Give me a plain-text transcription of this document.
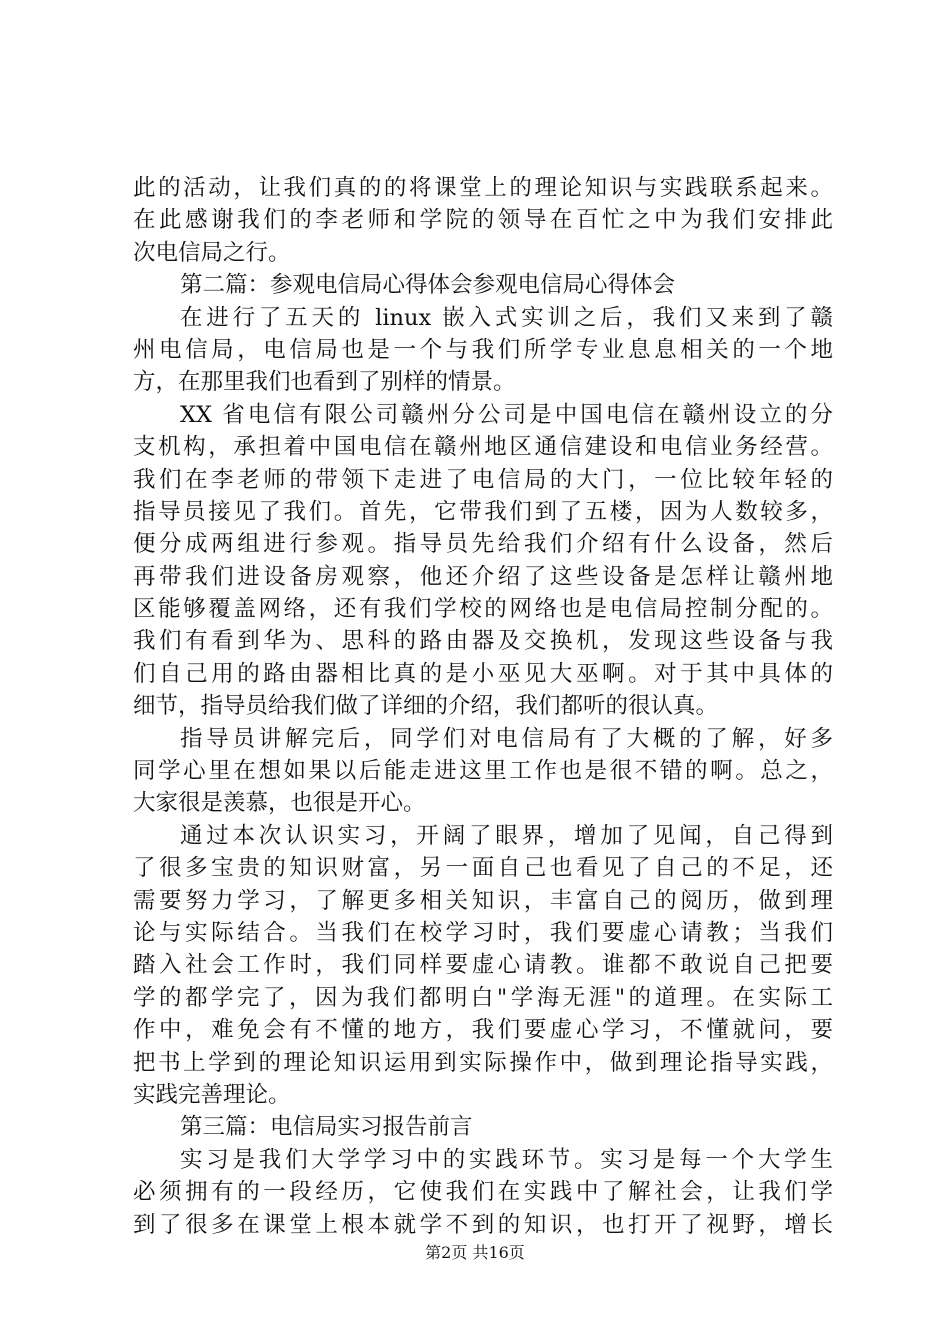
此的活动，让我们真的的将课堂上的理论知识与实践联系起来。
在此感谢我们的李老师和学院的领导在百忙之中为我们安排此
次电信局之行。
第二篇：参观电信局心得体会参观电信局心得体会
在进行了五天的 linux 嵌入式实训之后，我们又来到了赣
州电信局，电信局也是一个与我们所学专业息息相关的一个地
方，在那里我们也看到了别样的情景。
XX 省电信有限公司赣州分公司是中国电信在赣州设立的分
支机构，承担着中国电信在赣州地区通信建设和电信业务经营。
我们在李老师的带领下走进了电信局的大门，一位比较年轻的
指导员接见了我们。首先，它带我们到了五楼，因为人数较多，
便分成两组进行参观。指导员先给我们介绍有什么设备，然后
再带我们进设备房观察，他还介绍了这些设备是怎样让赣州地
区能够覆盖网络，还有我们学校的网络也是电信局控制分配的。
我们有看到华为、思科的路由器及交换机，发现这些设备与我
们自己用的路由器相比真的是小巫见大巫啊。对于其中具体的
细节，指导员给我们做了详细的介绍，我们都听的很认真。
指导员讲解完后，同学们对电信局有了大概的了解，好多
同学心里在想如果以后能走进这里工作也是很不错的啊。总之，
大家很是羡慕，也很是开心。
通过本次认识实习，开阔了眼界，增加了见闻，自己得到
了很多宝贵的知识财富，另一面自己也看见了自己的不足，还
需要努力学习，了解更多相关知识，丰富自己的阅历，做到理
论与实际结合。当我们在校学习时，我们要虚心请教；当我们
踏入社会工作时，我们同样要虚心请教。谁都不敢说自己把要
学的都学完了，因为我们都明白"学海无涯"的道理。在实际工
作中，难免会有不懂的地方，我们要虚心学习，不懂就问，要
把书上学到的理论知识运用到实际操作中，做到理论指导实践，
实践完善理论。
第三篇：电信局实习报告前言
实习是我们大学学习中的实践环节。实习是每一个大学生
必须拥有的一段经历，它使我们在实践中了解社会，让我们学
到了很多在课堂上根本就学不到的知识，也打开了视野，增长
第2页 共16页
